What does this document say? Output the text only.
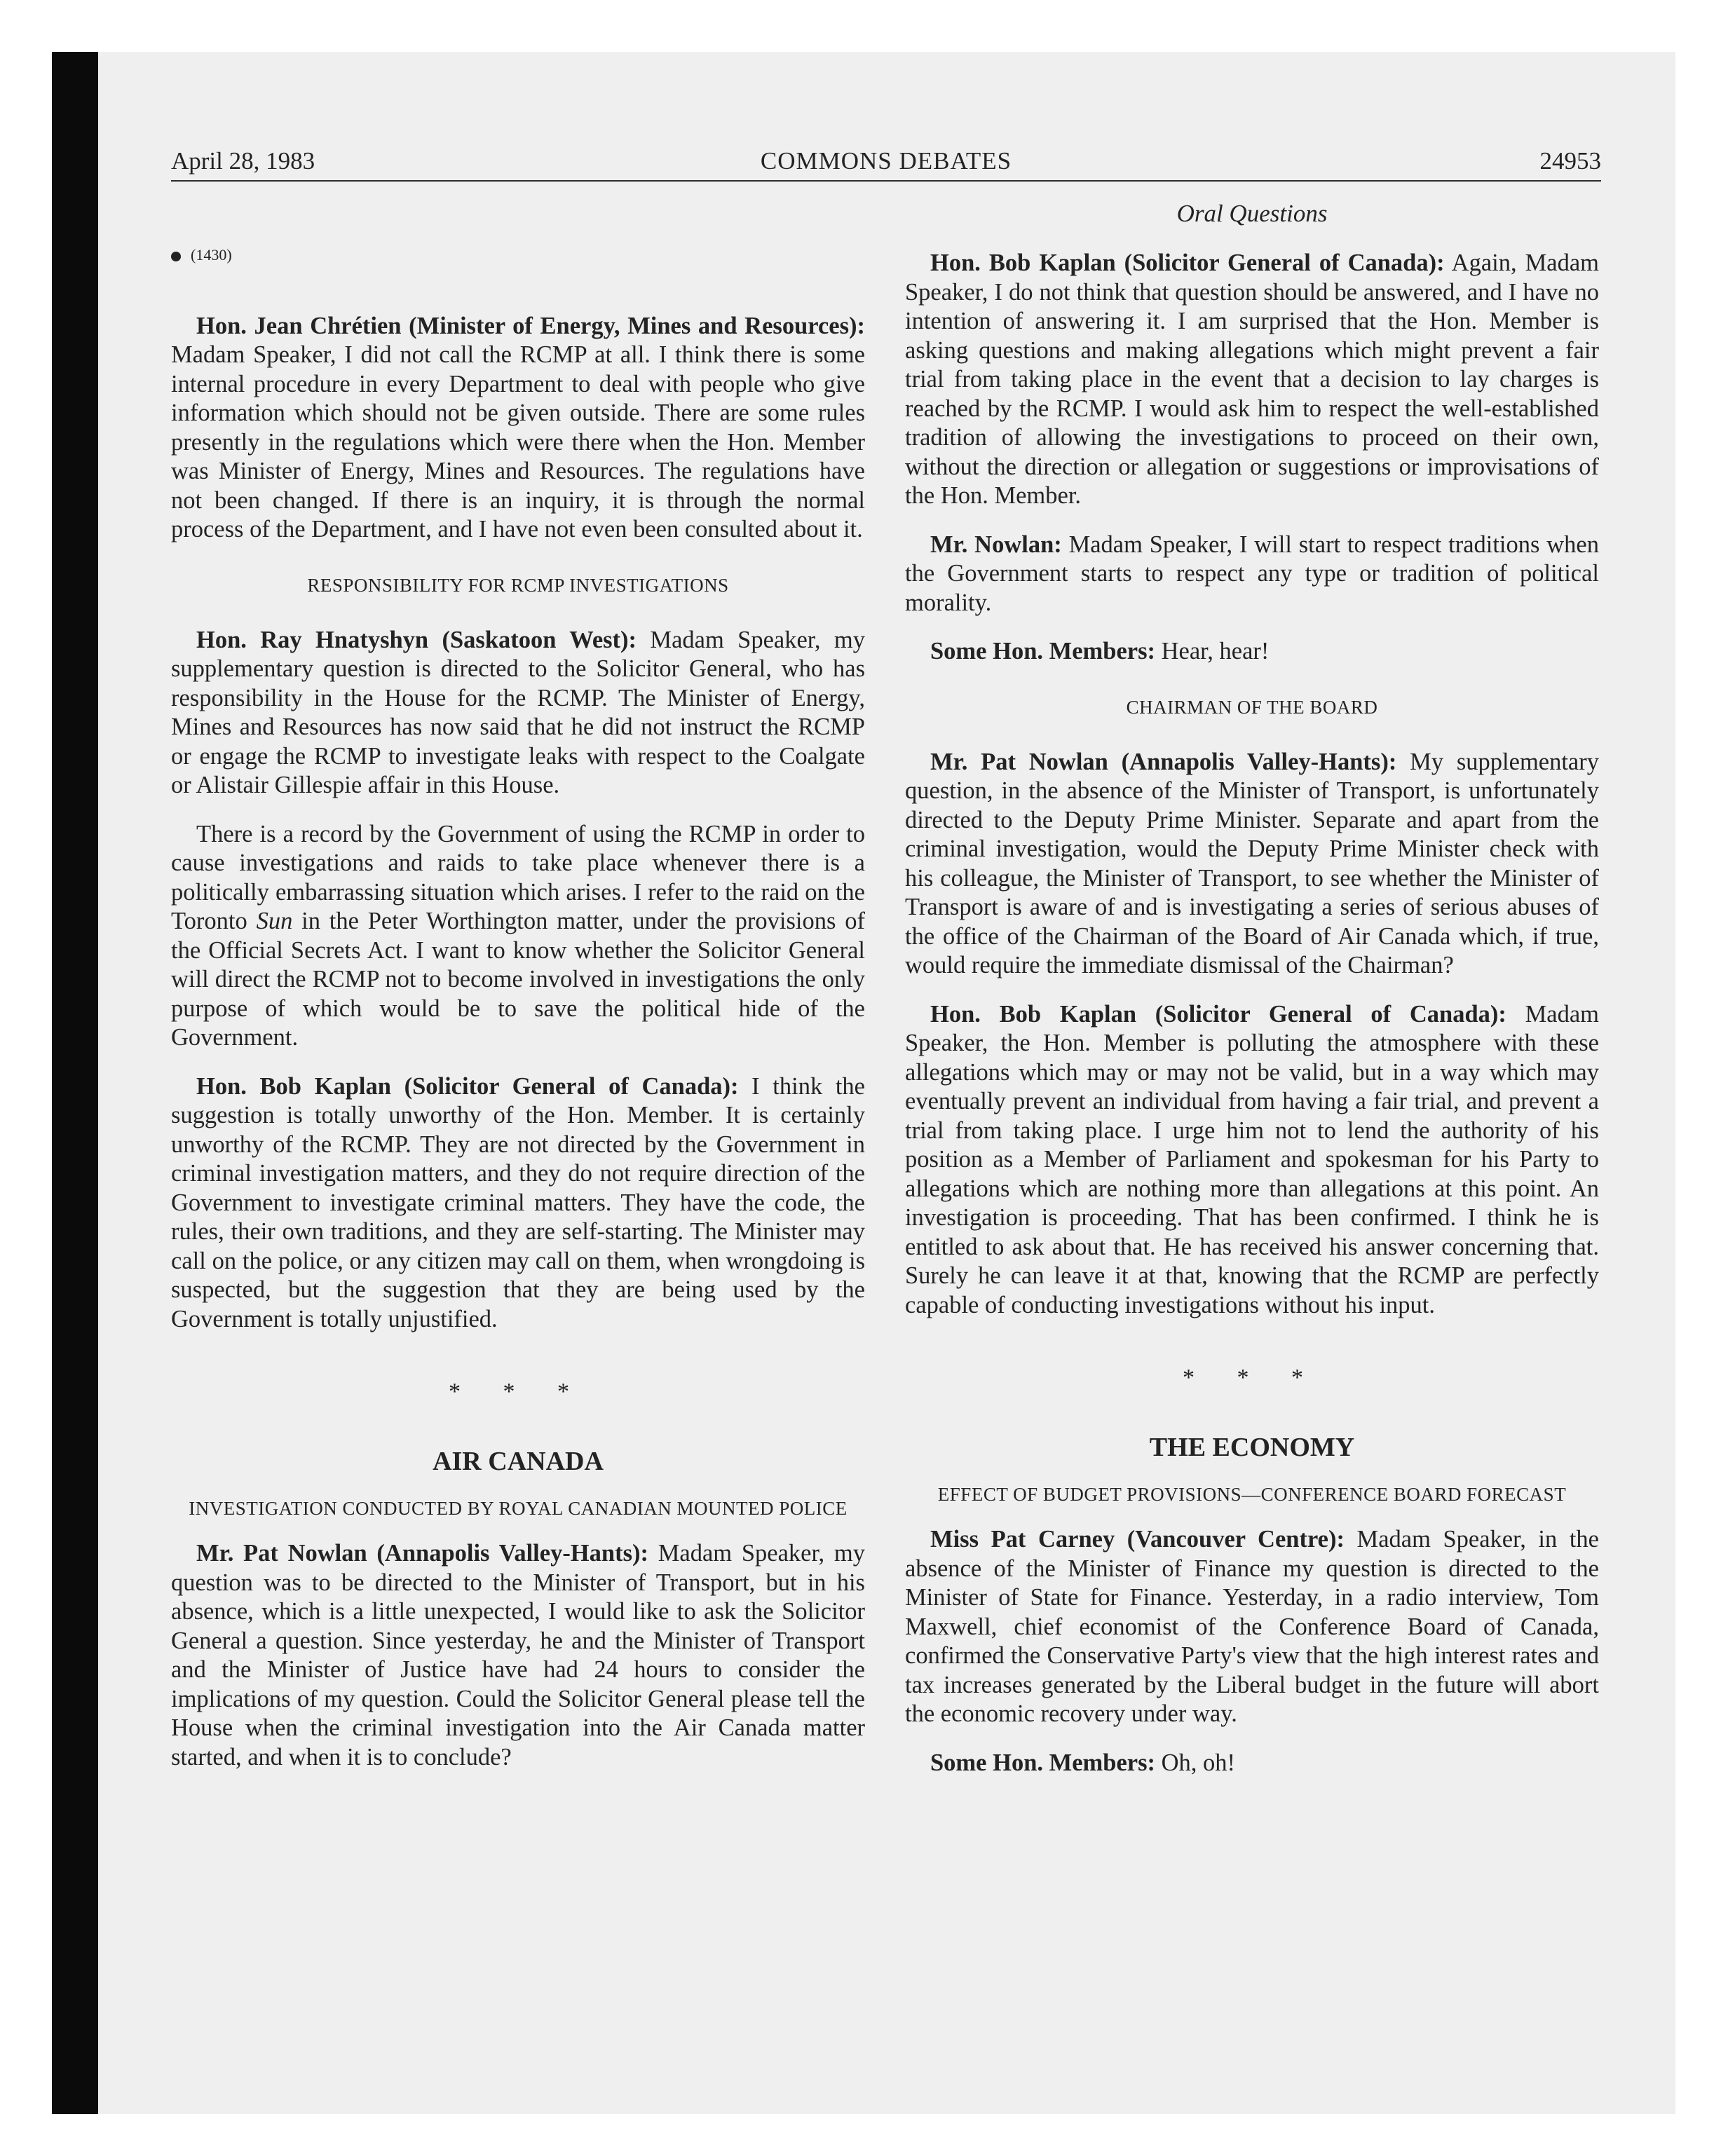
April 28, 1983	COMMONS DEBATES	24953

(1430)

Hon. Jean Chrétien (Minister of Energy, Mines and Resources): Madam Speaker, I did not call the RCMP at all. I think there is some internal procedure in every Department to deal with people who give information which should not be given outside. There are some rules presently in the regulations which were there when the Hon. Member was Minister of Energy, Mines and Resources. The regulations have not been changed. If there is an inquiry, it is through the normal process of the Department, and I have not even been consulted about it.

RESPONSIBILITY FOR RCMP INVESTIGATIONS

Hon. Ray Hnatyshyn (Saskatoon West): Madam Speaker, my supplementary question is directed to the Solicitor General, who has responsibility in the House for the RCMP. The Minister of Energy, Mines and Resources has now said that he did not instruct the RCMP or engage the RCMP to investigate leaks with respect to the Coalgate or Alistair Gillespie affair in this House.

There is a record by the Government of using the RCMP in order to cause investigations and raids to take place whenever there is a politically embarrassing situation which arises. I refer to the raid on the Toronto Sun in the Peter Worthington matter, under the provisions of the Official Secrets Act. I want to know whether the Solicitor General will direct the RCMP not to become involved in investigations the only purpose of which would be to save the political hide of the Government.

Hon. Bob Kaplan (Solicitor General of Canada): I think the suggestion is totally unworthy of the Hon. Member. It is certainly unworthy of the RCMP. They are not directed by the Government in criminal investigation matters, and they do not require direction of the Government to investigate criminal matters. They have the code, the rules, their own traditions, and they are self-starting. The Minister may call on the police, or any citizen may call on them, when wrongdoing is suspected, but the suggestion that they are being used by the Government is totally unjustified.

* * *
AIR CANADA
INVESTIGATION CONDUCTED BY ROYAL CANADIAN MOUNTED POLICE

Mr. Pat Nowlan (Annapolis Valley-Hants): Madam Speaker, my question was to be directed to the Minister of Transport, but in his absence, which is a little unexpected, I would like to ask the Solicitor General a question. Since yesterday, he and the Minister of Transport and the Minister of Justice have had 24 hours to consider the implications of my question. Could the Solicitor General please tell the House when the criminal investigation into the Air Canada matter started, and when it is to conclude?

Oral Questions

Hon. Bob Kaplan (Solicitor General of Canada): Again, Madam Speaker, I do not think that question should be answered, and I have no intention of answering it. I am surprised that the Hon. Member is asking questions and making allegations which might prevent a fair trial from taking place in the event that a decision to lay charges is reached by the RCMP. I would ask him to respect the well-established tradition of allowing the investigations to proceed on their own, without the direction or allegation or suggestions or improvisations of the Hon. Member.

Mr. Nowlan: Madam Speaker, I will start to respect traditions when the Government starts to respect any type or tradition of political morality.

Some Hon. Members: Hear, hear!

CHAIRMAN OF THE BOARD

Mr. Pat Nowlan (Annapolis Valley-Hants): My supplementary question, in the absence of the Minister of Transport, is unfortunately directed to the Deputy Prime Minister. Separate and apart from the criminal investigation, would the Deputy Prime Minister check with his colleague, the Minister of Transport, to see whether the Minister of Transport is aware of and is investigating a series of serious abuses of the office of the Chairman of the Board of Air Canada which, if true, would require the immediate dismissal of the Chairman?

Hon. Bob Kaplan (Solicitor General of Canada): Madam Speaker, the Hon. Member is polluting the atmosphere with these allegations which may or may not be valid, but in a way which may eventually prevent an individual from having a fair trial, and prevent a trial from taking place. I urge him not to lend the authority of his position as a Member of Parliament and spokesman for his Party to allegations which are nothing more than allegations at this point. An investigation is proceeding. That has been confirmed. I think he is entitled to ask about that. He has received his answer concerning that. Surely he can leave it at that, knowing that the RCMP are perfectly capable of conducting investigations without his input.

* * *
THE ECONOMY
EFFECT OF BUDGET PROVISIONS—CONFERENCE BOARD FORECAST

Miss Pat Carney (Vancouver Centre): Madam Speaker, in the absence of the Minister of Finance my question is directed to the Minister of State for Finance. Yesterday, in a radio interview, Tom Maxwell, chief economist of the Conference Board of Canada, confirmed the Conservative Party's view that the high interest rates and tax increases generated by the Liberal budget in the future will abort the economic recovery under way.

Some Hon. Members: Oh, oh!
